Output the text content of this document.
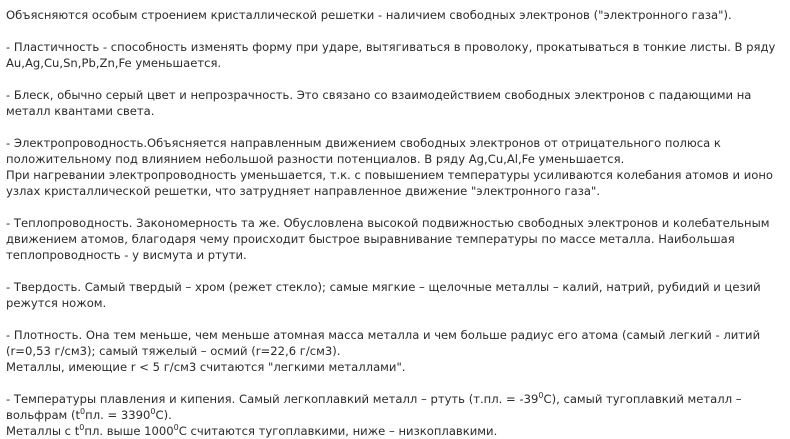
Объясняются особым строением кристаллической решетки - наличием свободных электронов ("электронного газа").
- Пластичность - способность изменять форму при ударе, вытягиваться в проволоку, прокатываться в тонкие листы. В ряду
Au,Ag,Cu,Sn,Pb,Zn,Fe уменьшается.
- Блеск, обычно серый цвет и непрозрачность. Это связано со взаимодействием свободных электронов с падающими на
металл квантами света.
- Электропроводность.Объясняется направленным движением свободных электронов от отрицательного полюса к
положительному под влиянием небольшой разности потенциалов. В ряду Ag,Cu,Al,Fe уменьшается.
При нагревании электропроводность уменьшается, т.к. с повышением температуры усиливаются колебания атомов и ионо
узлах кристаллической решетки, что затрудняет направленное движение "электронного газа".
- Теплопроводность. Закономерность та же. Обусловлена высокой подвижностью свободных электронов и колебательным
движением атомов, благодаря чему происходит быстрое выравнивание температуры по массе металла. Наибольшая
теплопроводность - у висмута и ртути.
- Твердость. Самый твердый – хром (режет стекло); самые мягкие – щелочные металлы – калий, натрий, рубидий и цезий
режутся ножом.
- Плотность. Она тем меньше, чем меньше атомная масса металла и чем больше радиус его атома (самый легкий - литий
(r=0,53 г/см3); самый тяжелый – осмий (r=22,6 г/см3).
Металлы, имеющие r < 5 г/см3 считаются "легкими металлами".
- Температуры плавления и кипения. Самый легкоплавкий металл – ртуть (т.пл. = $-39^0C$), самый тугоплавкий металл –
вольфрам ($t^0пл$. = $3390^0C$).
Металлы с $t^0пл$. выше 1000$^0$C считаются тугоплавкими, ниже – низкоплавкими.
